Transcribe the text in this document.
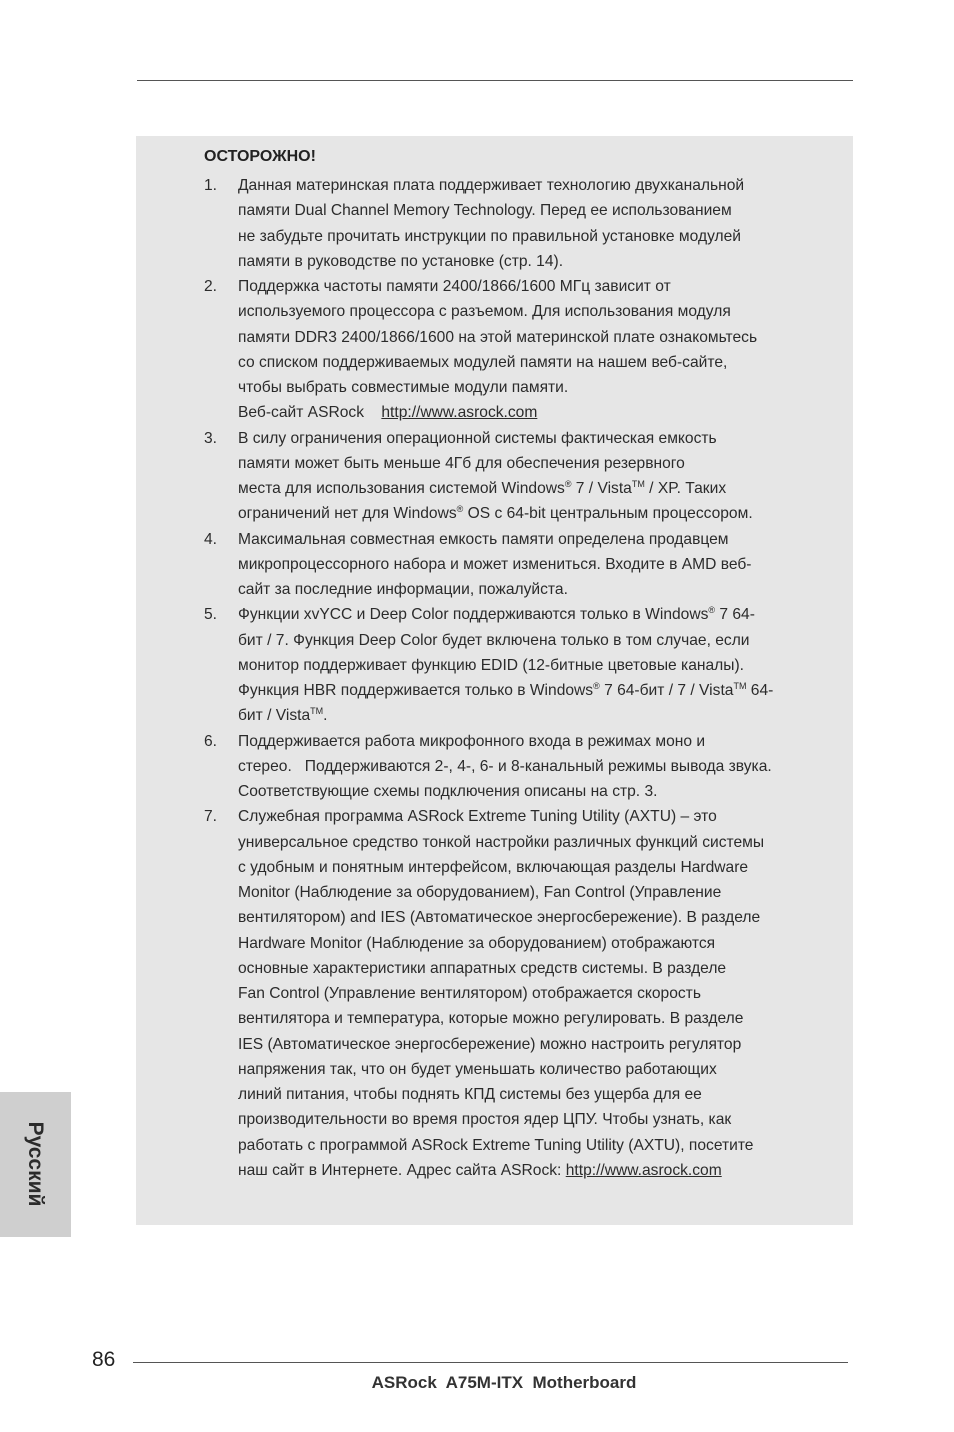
ОСТОРОЖНО!
1. Данная материнская плата поддерживает технологию двухканальной
памяти Dual Channel Memory Technology. Перед ее использованием
не забудьте прочитать инструкции по правильной установке модулей
памяти в руководстве по установке (стр. 14).
2. Поддержка частоты памяти 2400/1866/1600 МГц зависит от
используемого процессора с разъемом. Для использования модуля
памяти DDR3 2400/1866/1600 на этой материнской плате ознакомьтесь
со списком поддерживаемых модулей памяти на нашем веб-сайте,
чтобы выбрать совместимые модули памяти.
Веб-сайт ASRock http://www.asrock.com
3. В силу ограничения операционной системы фактическая емкость
памяти может быть меньше 4Гб для обеспечения резервного
места для использования системой Windows® 7 / Vista™ / XP. Таких
ограничений нет для Windows® OS с 64-bit центральным процессором.
4. Максимальная совместная емкость памяти определена продавцем
микропроцессорного набора и может измениться. Входите в AMD веб-
сайт за последние информации, пожалуйста.
5. Функции xvYCC и Deep Color поддерживаются только в Windows® 7 64-
бит / 7. Функция Deep Color будет включена только в том случае, если
монитор поддерживает функцию EDID (12-битные цветовые каналы).
Функция HBR поддерживается только в Windows® 7 64-бит / 7 / Vista™ 64-
бит / Vista™.
6. Поддерживается работа микрофонного входа в режимах моно и
стерео.   Поддерживаются 2-, 4-, 6- и 8-канальный режимы вывода звука.
Соответствующие схемы подключения описаны на стр. 3.
7. Служебная программа ASRock Extreme Tuning Utility (AXTU) – это
универсальное средство тонкой настройки различных функций системы
с удобным и понятным интерфейсом, включающая разделы Hardware
Monitor (Наблюдение за оборудованием), Fan Control (Управление
вентилятором) and IES (Автоматическое энергосбережение). В разделе
Hardware Monitor (Наблюдение за оборудованием) отображаются
основные характеристики аппаратных средств системы. В разделе
Fan Control (Управление вентилятором) отображается скорость
вентилятора и температура, которые можно регулировать. В разделе
IES (Автоматическое энергосбережение) можно настроить регулятор
напряжения так, что он будет уменьшать количество работающих
линий питания, чтобы поднять КПД системы без ущерба для ее
производительности во время простоя ядер ЦПУ. Чтобы узнать, как
работать с программой ASRock Extreme Tuning Utility (AXTU), посетите
наш сайт в Интернете. Адрес сайта ASRock: http://www.asrock.com
Русский
86
ASRock  A75M-ITX  Motherboard
